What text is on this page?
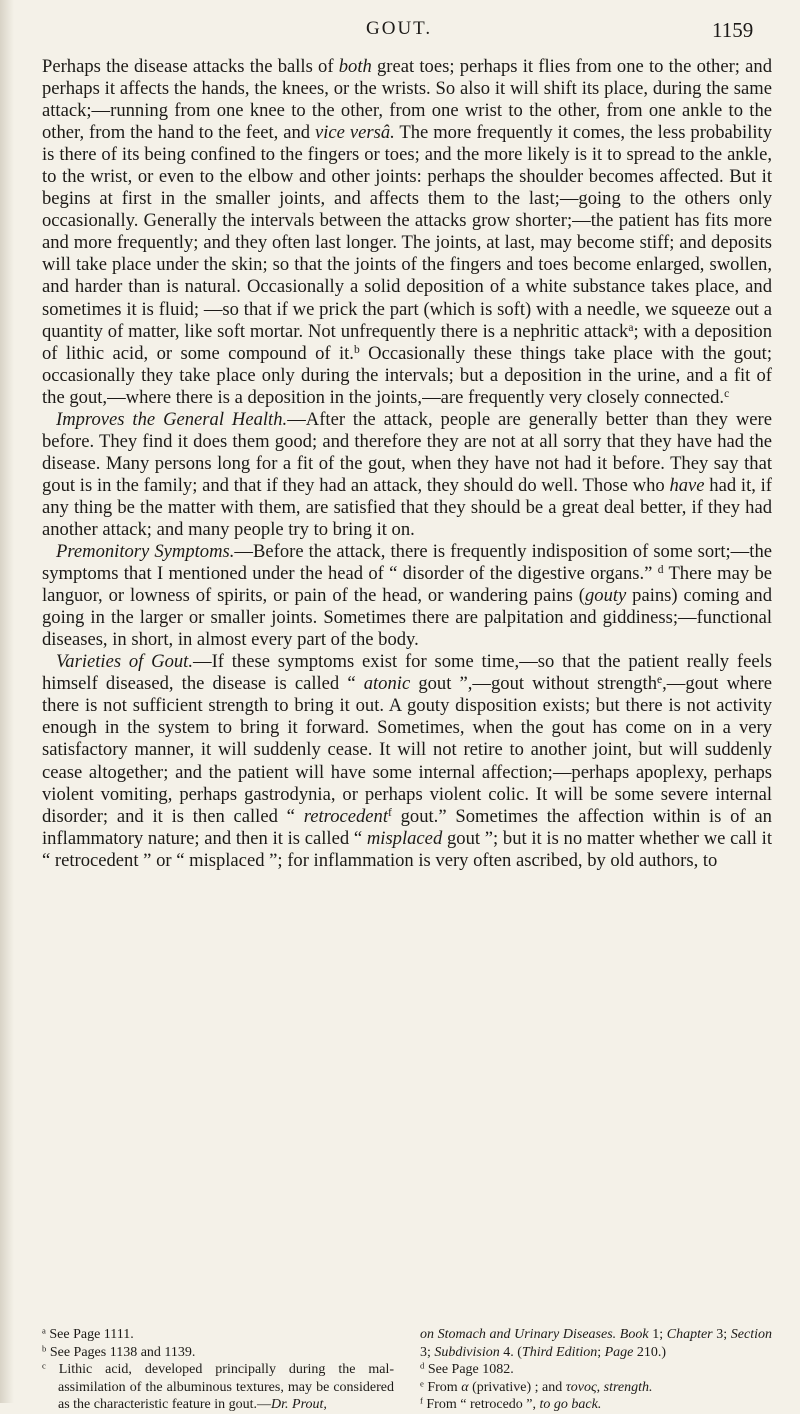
GOUT.	1159

Perhaps the disease attacks the balls of both great toes; perhaps it flies from one to the other; and perhaps it affects the hands, the knees, or the wrists. So also it will shift its place, during the same attack;—running from one knee to the other, from one wrist to the other, from one ankle to the other, from the hand to the feet, and vice versâ. The more frequently it comes, the less probability is there of its being confined to the fingers or toes; and the more likely is it to spread to the ankle, to the wrist, or even to the elbow and other joints: perhaps the shoulder becomes affected. But it begins at first in the smaller joints, and affects them to the last;—going to the others only occasionally. Generally the intervals between the attacks grow shorter;—the patient has fits more and more frequently; and they often last longer. The joints, at last, may become stiff; and deposits will take place under the skin; so that the joints of the fingers and toes become enlarged, swollen, and harder than is natural. Occasionally a solid deposition of a white substance takes place, and sometimes it is fluid; —so that if we prick the part (which is soft) with a needle, we squeeze out a quantity of matter, like soft mortar. Not unfrequently there is a nephritic attack$^a$; with a deposition of lithic acid, or some compound of it.$^b$ Occasionally these things take place with the gout; occasionally they take place only during the intervals; but a deposition in the urine, and a fit of the gout,—where there is a deposition in the joints,—are frequently very closely connected.$^c$

Improves the General Health.—After the attack, people are generally better than they were before. They find it does them good; and therefore they are not at all sorry that they have had the disease. Many persons long for a fit of the gout, when they have not had it before. They say that gout is in the family; and that if they had an attack, they should do well. Those who have had it, if any thing be the matter with them, are satisfied that they should be a great deal better, if they had another attack; and many people try to bring it on.

Premonitory Symptoms.—Before the attack, there is frequently indisposition of some sort;—the symptoms that I mentioned under the head of “ disorder of the digestive organs.” $^d$ There may be languor, or lowness of spirits, or pain of the head, or wandering pains (gouty pains) coming and going in the larger or smaller joints. Sometimes there are palpitation and giddiness;—functional diseases, in short, in almost every part of the body.

Varieties of Gout.—If these symptoms exist for some time,—so that the patient really feels himself diseased, the disease is called “ atonic gout ”,—gout without strength$^e$,—gout where there is not sufficient strength to bring it out. A gouty disposition exists; but there is not activity enough in the system to bring it forward. Sometimes, when the gout has come on in a very satisfactory manner, it will suddenly cease. It will not retire to another joint, but will suddenly cease altogether; and the patient will have some internal affection;—perhaps apoplexy, perhaps violent vomiting, perhaps gastrodynia, or perhaps violent colic. It will be some severe internal disorder; and it is then called “ retrocedent$^f$ gout.” Sometimes the affection within is of an inflammatory nature; and then it is called “ misplaced gout ”; but it is no matter whether we call it “ retrocedent ” or “ misplaced ”; for inflammation is very often ascribed, by old authors, to

$^a$ See Page 1111.

$^b$ See Pages 1138 and 1139.

$^c$ Lithic acid, developed principally during the mal-assimilation of the albuminous textures, may be considered as the characteristic feature in gout.—Dr. Prout,

on Stomach and Urinary Diseases. Book 1; Chapter 3; Section 3; Subdivision 4. (Third Edition; Page 210.)

$^d$ See Page 1082.

$^e$ From α (privative) ; and τονος, strength.

$^f$ From “ retrocedo ”, to go back.
